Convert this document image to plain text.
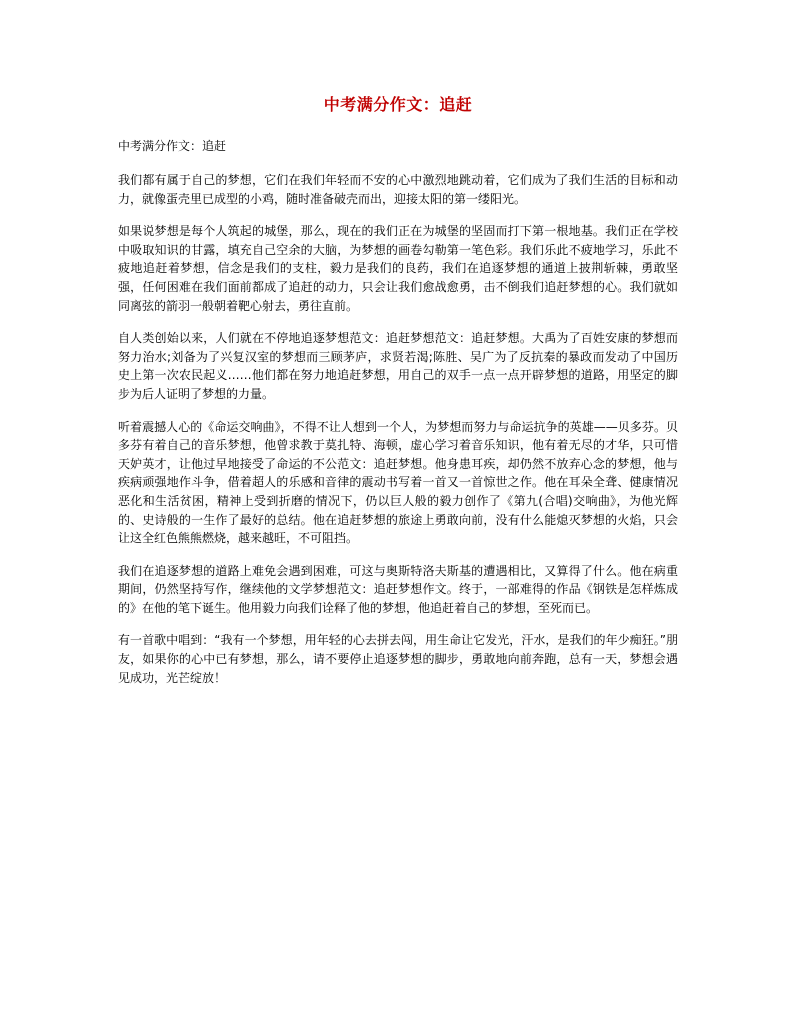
中考满分作文：追赶
中考满分作文：追赶

我们都有属于自己的梦想，它们在我们年轻而不安的心中激烈地跳动着，它们成为了我们生活的目标和动力，就像蛋壳里已成型的小鸡，随时准备破壳而出，迎接太阳的第一缕阳光。

如果说梦想是每个人筑起的城堡，那么，现在的我们正在为城堡的坚固而打下第一根地基。我们正在学校中吸取知识的甘露，填充自己空余的大脑，为梦想的画卷勾勒第一笔色彩。我们乐此不疲地学习，乐此不疲地追赶着梦想，信念是我们的支柱，毅力是我们的良药，我们在追逐梦想的通道上披荆斩棘，勇敢坚强，任何困难在我们面前都成了追赶的动力，只会让我们愈战愈勇，击不倒我们追赶梦想的心。我们就如同离弦的箭羽一般朝着靶心射去，勇往直前。

自人类创始以来，人们就在不停地追逐梦想范文：追赶梦想范文：追赶梦想。大禹为了百姓安康的梦想而努力治水;刘备为了兴复汉室的梦想而三顾茅庐，求贤若渴;陈胜、吴广为了反抗秦的暴政而发动了中国历史上第一次农民起义……他们都在努力地追赶梦想，用自己的双手一点一点开辟梦想的道路，用坚定的脚步为后人证明了梦想的力量。

听着震撼人心的《命运交响曲》，不得不让人想到一个人，为梦想而努力与命运抗争的英雄——贝多芬。贝多芬有着自己的音乐梦想，他曾求教于莫扎特、海顿，虚心学习着音乐知识，他有着无尽的才华，只可惜天妒英才，让他过早地接受了命运的不公范文：追赶梦想。他身患耳疾，却仍然不放弃心念的梦想，他与疾病顽强地作斗争，借着超人的乐感和音律的震动书写着一首又一首惊世之作。他在耳朵全聋、健康情况恶化和生活贫困，精神上受到折磨的情况下，仍以巨人般的毅力创作了《第九(合唱)交响曲》，为他光辉的、史诗般的一生作了最好的总结。他在追赶梦想的旅途上勇敢向前，没有什么能熄灭梦想的火焰，只会让这全红色熊熊燃烧，越来越旺，不可阻挡。

我们在追逐梦想的道路上难免会遇到困难，可这与奥斯特洛夫斯基的遭遇相比，又算得了什么。他在病重期间，仍然坚持写作，继续他的文学梦想范文：追赶梦想作文。终于，一部难得的作品《钢铁是怎样炼成的》在他的笔下诞生。他用毅力向我们诠释了他的梦想，他追赶着自己的梦想，至死而已。

有一首歌中唱到：“我有一个梦想，用年轻的心去拼去闯，用生命让它发光，汗水，是我们的年少痴狂。”朋友，如果你的心中已有梦想，那么，请不要停止追逐梦想的脚步，勇敢地向前奔跑，总有一天，梦想会遇见成功，光芒绽放！
